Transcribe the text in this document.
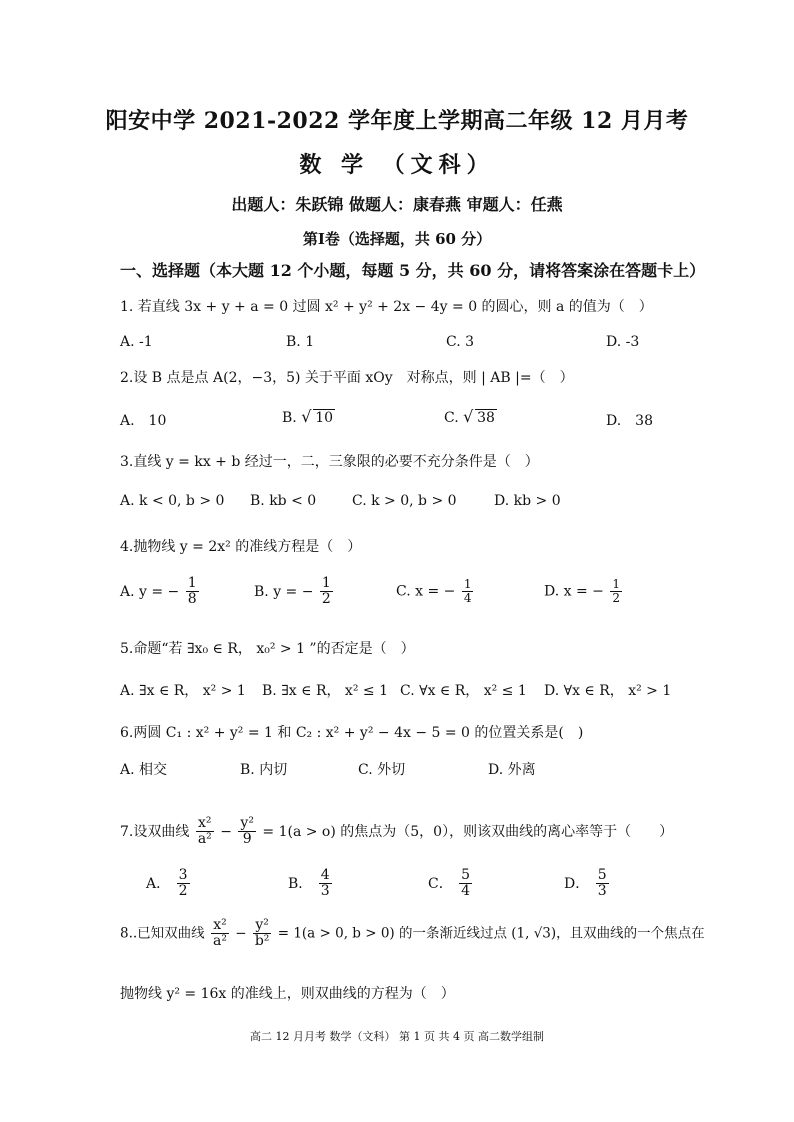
阳安中学 2021-2022 学年度上学期高二年级 12 月月考
数 学 （文科）
出题人：朱跃锦 做题人：康春燕 审题人：任燕
第Ⅰ卷（选择题，共 60 分）
一、选择题（本大题 12 个小题，每题 5 分，共 60 分，请将答案涂在答题卡上）
1. 若直线 3x + y + a = 0 过圆 x² + y² + 2x − 4y = 0 的圆心，则 a 的值为（　）
A. -1	B. 1	C. 3	D. -3
2.设 B 点是点 A(2，−3，5) 关于平面 xOy　对称点，则 | AB |=（　）
A.　10	B. √ 10	C. √ 38	D.　38
3.直线 y = kx + b 经过一，二，三象限的必要不充分条件是（　）
A. k < 0, b > 0 B. kb < 0	C. k > 0, b > 0	D. kb > 0
4.抛物线 y = 2x² 的准线方程是（　）
A. y = − $\frac{1}{8}$	B. y = − $\frac{1}{2}$	C. x = − $\frac{1}{4}$	D. x = − $\frac{1}{2}$
5.命题“若 ∃x₀ ∈ R， x₀² > 1 ”的否定是（　）
A. ∃x ∈ R， x² > 1 B. ∃x ∈ R， x² ≤ 1 C. ∀x ∈ R， x² ≤ 1 D. ∀x ∈ R， x² > 1
6.两圆 C₁ : x² + y² = 1 和 C₂ : x² + y² − 4x − 5 = 0 的位置关系是(　)
A. 相交	B. 内切	C. 外切	D. 外离
7.设双曲线 $\frac{\text{x²}}{\text{a²}} - \frac{\text{y²}}{9} = 1(a > o)$ 的焦点为（5，0），则该双曲线的离心率等于（　　）
A． $\frac{3}{2}$	B． $\frac{4}{3}$	C． $\frac{5}{4}$	D． $\frac{5}{3}$
8..已知双曲线 $\frac{\text{x²}}{\text{a²}} - \frac{\text{y²}}{\text{b²}} = 1(a > 0$, b > 0) 的一条渐近线过点 (1, √3)，且双曲线的一个焦点在
抛物线 y² = 16x 的准线上，则双曲线的方程为（　）
高二 12 月月考 数学（文科） 第 1 页 共 4 页 高二数学组制
